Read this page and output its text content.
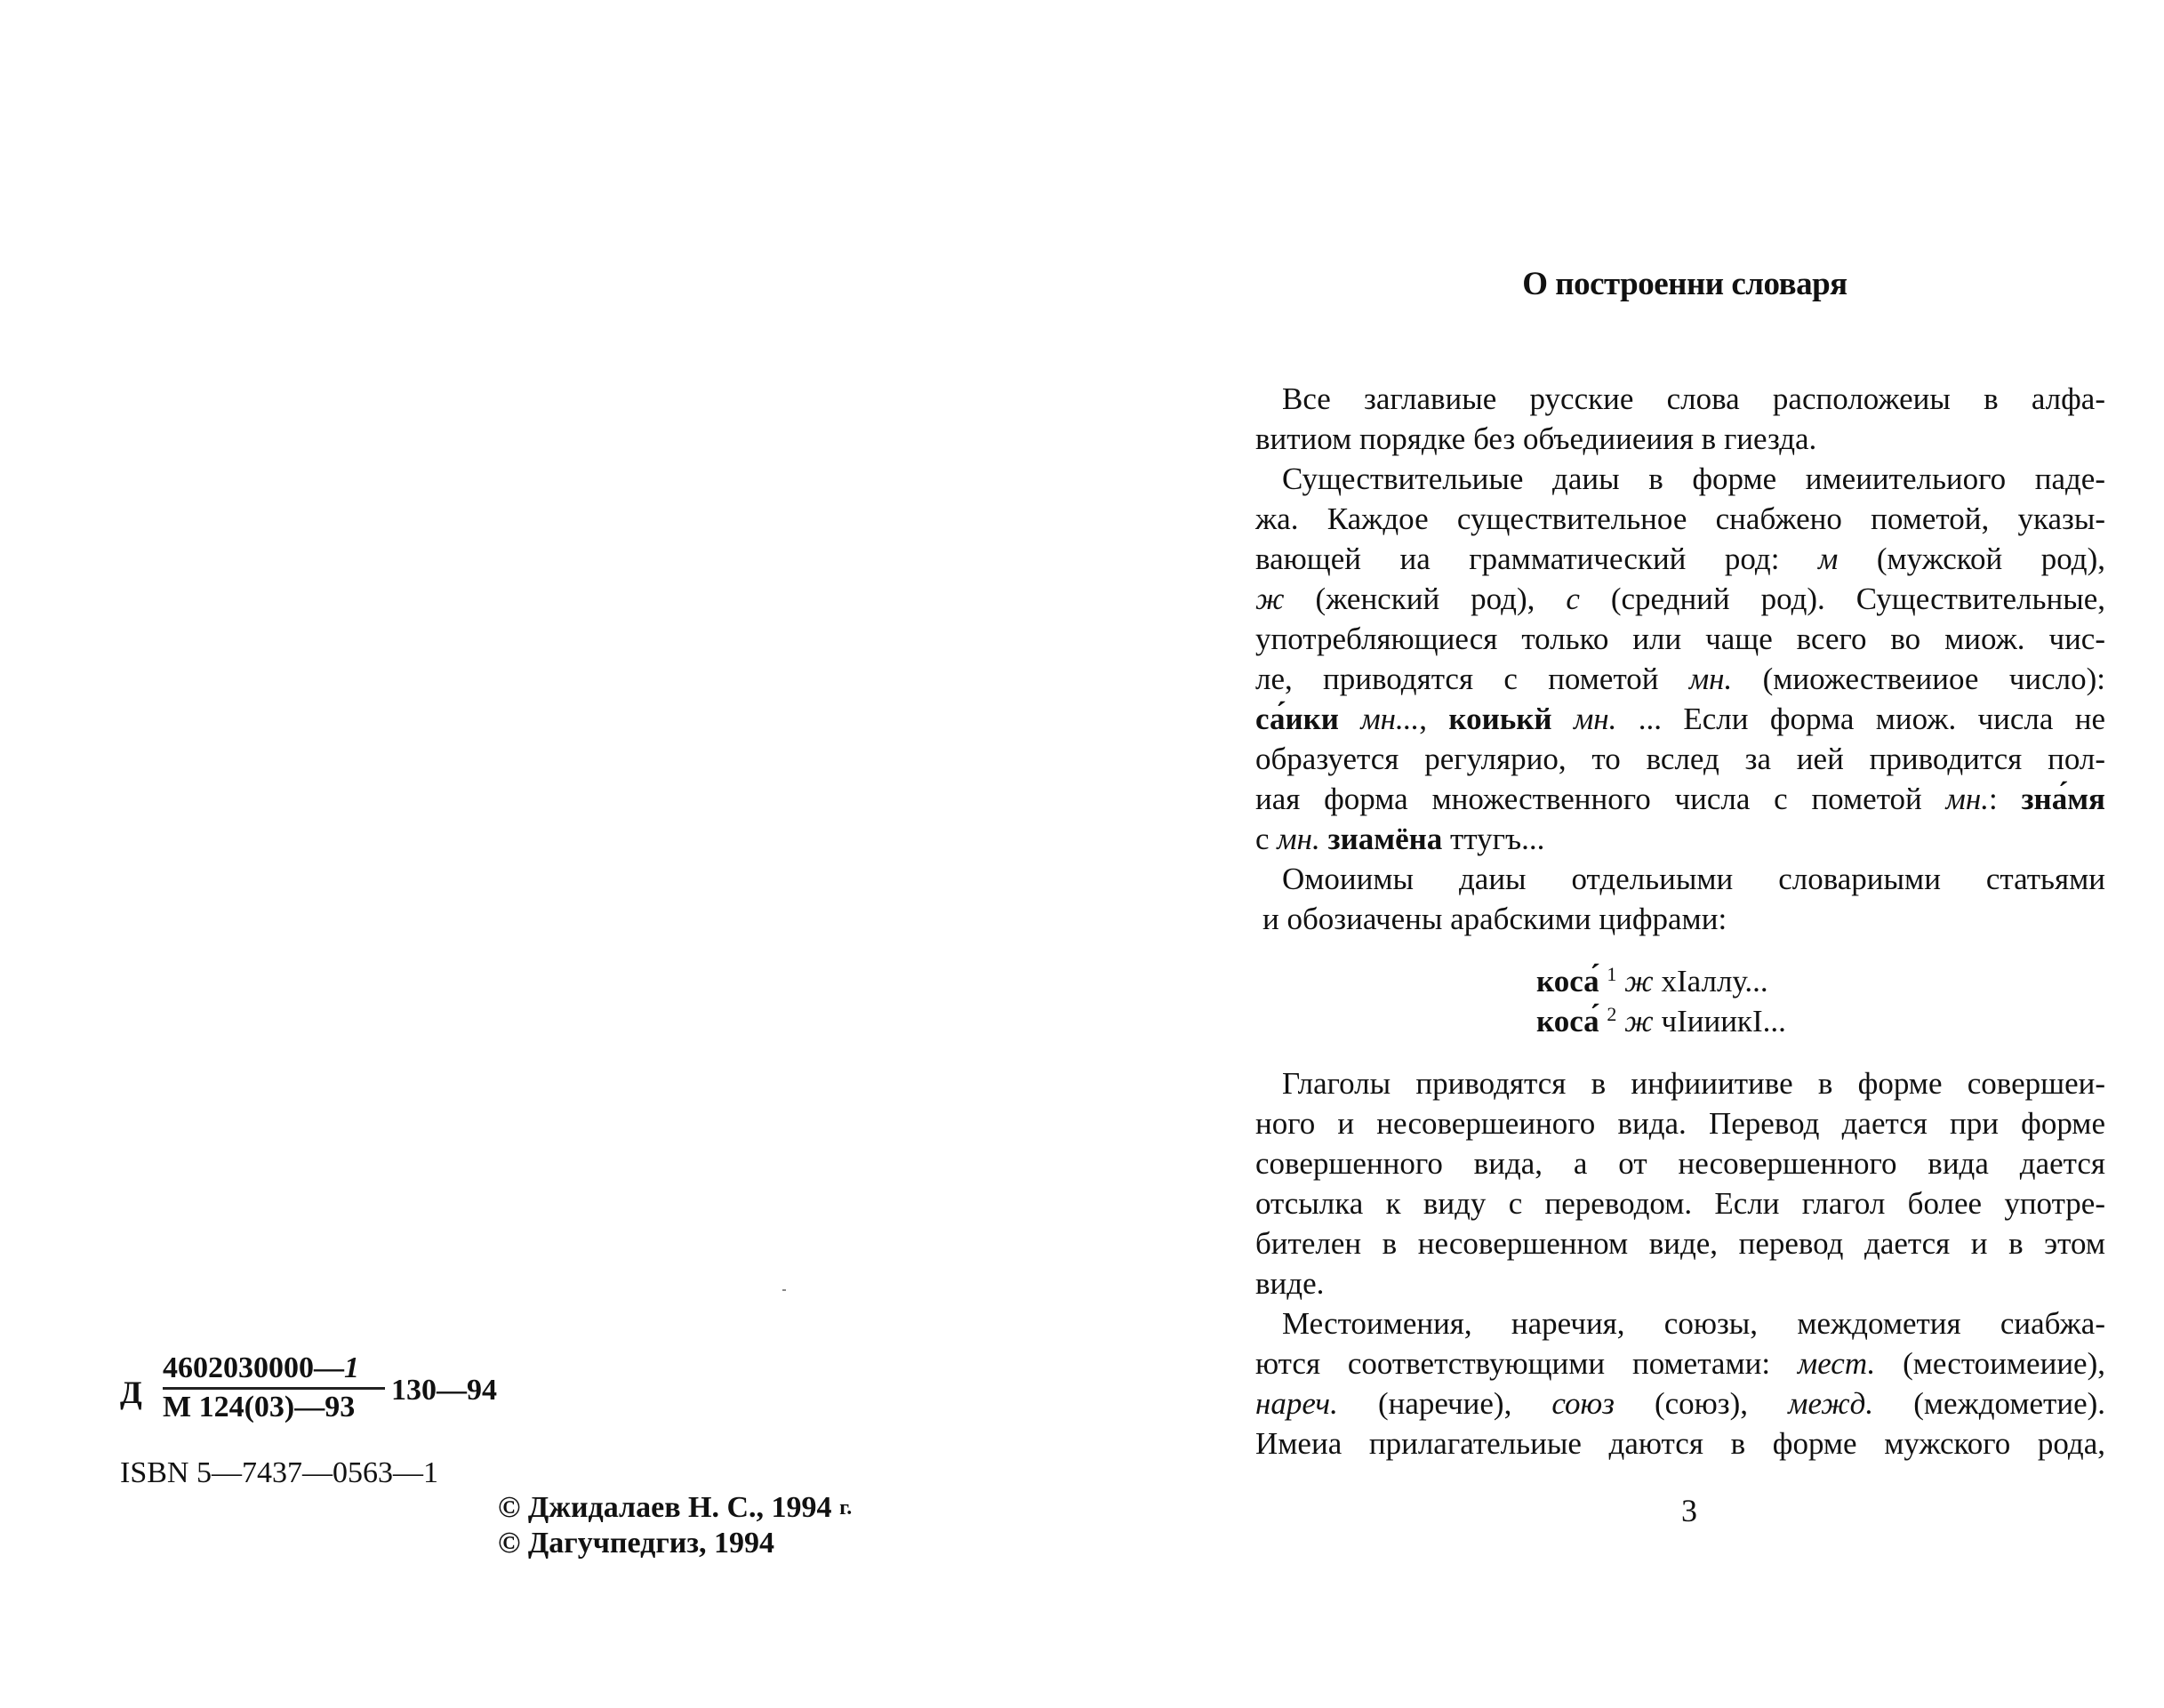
Д
4602030000—1
М 124(03)—93
130—94
ISBN 5—7437—0563—1
© Джидалаев Н. С., 1994 $^{г.}$
© Дагучпедгиз, 1994
О построенни словаря
Все заглавиые русские слова расположеиы в алфа-
витиом порядке без объедииеиия в гиезда.
Существительиые даиы в форме имеиительиого паде-
жа. Каждое существительное снабжено пометой, указы-
вающей иа грамматический род: м (мужской род),
ж (женский род), с (средний род). Существительные,
употребляющиеся только или чаще всего во миож. чис-
ле, приводятся с пометой мн. (миожествеииое число):
са́ики мн..., коиькй мн. ... Если форма миож. числа не
образуется регулярио, то вслед за ией приводится пол-
иая форма множественного числа с пометой мн.: зна́мя
с мн. зиамёна ттугъ...
Омоиимы даиы отдельиыми словариыми статьями
и обозиачены арабскими цифрами:
коса́ $^1$ ж хIаллу...
коса́ $^2$ ж чIииикI...
Глаголы приводятся в инфииитиве в форме совершеи-
ного и несовершеиного вида. Перевод дается при форме
совершенного вида, а от несовершенного вида дается
отсылка к виду с переводом. Если глагол более употре-
бителен в несовершенном виде, перевод дается и в этом
виде.
Местоимения, наречия, союзы, междометия сиабжа-
ются соответствующими пометами: мест. (местоимеиие),
нареч. (наречие), союз (союз), межд. (междометие).
Имеиа прилагательиые даются в форме мужского рода,
3
